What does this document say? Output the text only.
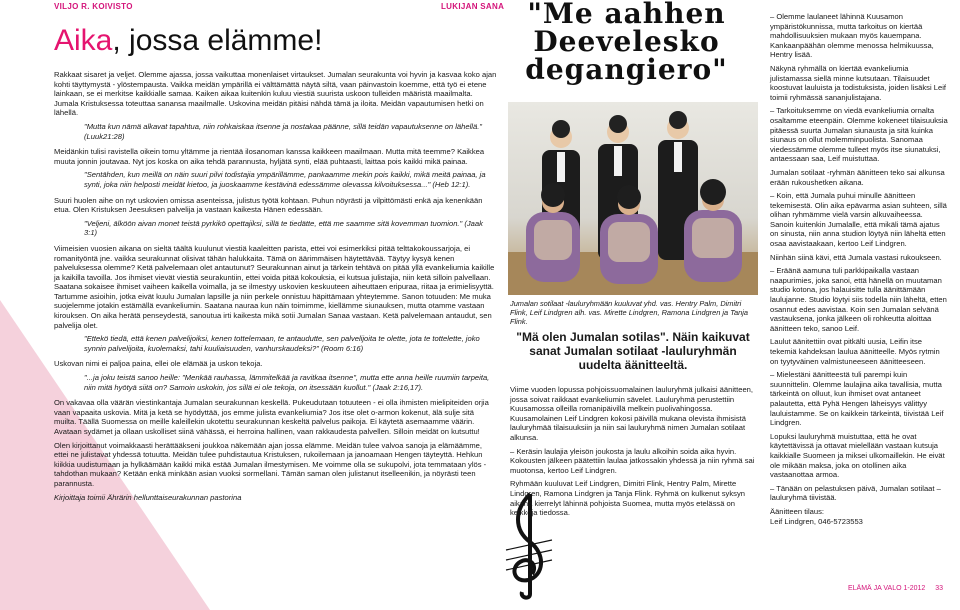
VILJO R. KOIVISTO	LUKIJAN SANA
Aika, jossa elämme!

Rakkaat sisaret ja veljet. Olemme ajassa, jossa vaikuttaa monenlaiset virtaukset. Jumalan seurakunta voi hyvin ja kasvaa koko ajan kohti täyttymystä - ylöstempausta. Vaikka meidän ympärillä ei välttämättä näytä siltä, vaan päinvastoin koemme, että työ ei etene lainkaan, se ei merkitse kaikkialle samaa. Kaiken aikaa kuitenkin kuluu viestiä suurista uskoon tulleiden määristä maailmalta. Jumala Kristuksessa toteuttaa sanansa maailmalle. Uskovina meidän pitäisi nähdä tämä ja iloita. Meidän vapautumisen hetki on lähellä.

"Mutta kun nämä alkavat tapahtua, niin rohkaiskaa itsenne ja nostakaa päänne, sillä teidän vapautuksenne on lähellä." (Luuk21:28)

Meidänkin tulisi ravistella oikein tomu yltämme ja rientää ilosanoman kanssa kaikkeen maailmaan. Mutta mitä teemme? Kaikkea muuta jonnin joutavaa. Nyt jos koska on aika tehdä parannusta, hyljätä synti, elää puhtaasti, laittaa pois kaikki mikä painaa.

"Sentähden, kun meillä on näin suuri pilvi todistajia ympärillämme, pankaamme mekin pois kaikki, mikä meitä painaa, ja synti, joka niin helposti meidät kietoo, ja juoskaamme kestävinä edessämme olevassa kilvoituksessa..." (Heb 12:1).

Suuri huolen aihe on nyt uskovien omissa asenteissa, julistus työtä kohtaan. Puhun nöyrästi ja vilpittömästi enkä aja kenenkään etua. Olen Kristuksen Jeesuksen palvelija ja vastaan kaikesta Hänen edessään.

"Veljeni, älköön aivan monet teistä pyrkikö opettajiksi, sillä te tiedätte, että me saamme sitä kovemman tuomion." (Jaak 3:1)

Viimeisien vuosien aikana on sieltä täältä kuulunut viestiä kaaleitten parista, ettei voi esimerkiksi pitää telttakokoussarjoja, ei romanityöntä jne. vaikka seurakunnat olisivat tähän halukkaita. Tämä on äärimmäisen häytettävää. Täytyy kysyä kenen palveluksessa olemme? Ketä palvelemaan olet antautunut? Seurakunnan ainut ja tärkein tehtävä on pitää yllä evankeliumia kaikille ja kaikilla tavoilla. Jos ihmiset vievät viestiä seurakuntiin, ettei voida pitää kokouksia, ei kutsua julistajia, niin ketä silloin palvellaan. Saatana sokaisee ihmiset vaiheen kaikella voimalla, ja se ilmestyy uskovien keskuuteen aiheuttaen eripuraa, riitaa ja erimielisyyttä. Tartumme asioihin, jotka eivät kuulu Jumalan lapsille ja niin perkele onnistuu häpittämaan yhteytemme. Sanon totuuden: Me muka suojelemme jotakin estämällä evankeliumin. Saatana nauraa kun näin toimimme, kiellämme siunauksen, mutta otamme vastaan kirouksen. On aika herätä penseydestä, sanoutua irti kaikesta mikä sotii Jumalan Sanaa vastaan. Ketä palvelemaan antaudut, sen palvelija olet.

"Ettekö tiedä, että kenen palvelijoiksi, kenen tottelemaan, te antaudutte, sen palvelijoita te olette, jota te tottelette, joko synnin palvelijoita, kuolemaksi, tahi kuuliaisuuden, vanhurskaudeksi?" (Room 6:16)

Uskovan nimi ei paljoa paina, ellei ole elämää ja uskon tekoja.

"...ja joku teistä sanoo heille: "Menkää rauhassa, lämmitelkää ja ravitkaa itsenne", mutta ette anna heille ruumiin tarpeita, niin mitä hyötyä siitä on? Samoin uskokin, jos sillä ei ole tekoja, on itsessään kuollut." (Jaak 2:16,17).

On vakavaa olla väärän viestinkantaja Jumalan seurakunnan keskellä. Pukeudutaan totuuteen - ei olla ihmisten mielipiteiden orjia vaan vapaaita uskovia. Mitä ja ketä se hyödyttää, jos emme julista evankeliumia? Jos itse olet o-armon kokenut, älä sulje sitä muilta. Täällä Suomessa on meille kaleillekin ukotettu seurakunnan keskeltä palvelus paikoja. Ei käytetä asemaamme väärin. Avataan sydämet ja ollaan uskolliset siinä vähässä, ei herroina hallinen, vaan rakkaudesta palvellen. Silloin meidät on kutsuttu!

Olen kirjoittanut voimakkaasti herättääkseni joukkoa näkemään ajan jossa elämme. Meidän tulee valvoa sanoja ja elämäämme, ettei ne julistavat yhdessä totuutta. Meidän tulee puhdistautua Kristuksen, rukoilemaan ja janoamaan Hengen täyteyttä. Hehkun kiikkia uudistumaan ja hylkäämään kaikki mikä estää Jumalan ilmestymisen. Me voimme olla se sukupolvi, jota temmataan ylös - tahdothan mukaan? Ketään enkä minkään asian vuoksi sormellani. Tämän saman olen julistanut itselleenikin, ja nöyrästi teen parannusta.

Kirjoittaja toimii Ährärin hellunttaiseurakunnan pastorina

"Me aahhen
Deevelesko
degangiero"
Jumalan sotilaat -lauluryhmään kuuluvat yhd. vas. Hentry Palm, Dimitri Flink, Leif Lindgren alh. vas. Mirette Lindgren, Ramona Lindgren ja Tanja Flink.
"Mä olen Jumalan sotilas". Näin kaikuvat sanat Jumalan sotilaat -lauluryhmän uudelta äänitteeltä.

Viime vuoden lopussa pohjoissuomalainen lauluryhmä julkaisi äänitteen, jossa soivat raikkaat evankeliumin sävelet. Lauluryhmä perustettiin Kuusamossa olleilla romanipäivillä melkein puolivahingossa. Kuusamolainen Leif Lindgren kokosi päivillä mukana olevista ihmisistä lauluryhmää tilaisuuksiin ja niin sai lauluryhmä nimen Jumalan sotilaat alkunsa.

– Keräsin laulajia yleisön joukosta ja laulu alkoihin soida aika hyvin. Kokousten jälkeen päätettiin laulaa jatkossakin yhdessä ja niin ryhmä sai muotonsa, kertoo Leif Lindgren.

Ryhmään kuuluvat Leif Lindgren, Dimitri Flink, Hentry Palm, Mirette Lindgren, Ramona Lindgren ja Tanja Flink. Ryhmä on kulkenut syksyn aikana kierrelyt lähinnä pohjoista Suomea, mutta myös etelässä on keikkoja tiedossa.

– Olemme laulaneet lähinnä Kuusamon ympäristökunnissa, mutta tarkoitus on kiertää mahdollisuuksien mukaan myös kauempana. Kankaanpäähän olemme menossa helmikuussa, Hentry lisää.

Näkynä ryhmällä on kiertää evankeliumia julistamassa siellä minne kutsutaan. Tilaisuudet koostuvat lauluista ja todistuksista, joiden lisäksi Leif toimii ryhmässä sananjulistajana.

– Tarkoituksemme on viedä evankeliumia ornalta osaltamme eteenpäin. Olemme kokeneet tilaisuuksia pitäessä suurta Jumalan siunausta ja sitä kuinka siunaus on ollut molemminpuolista. Sanomaa viedessämme olemme tulleet myös itse siunatuksi, antaessaan saa, Leif muistuttaa.

Jumalan sotilaat -ryhmän äänitteen teko sai alkunsa erään rukoushetken aikana.

– Koin, että Jumala puhui minulle äänitteen tekemisestä. Olin aika epävarma asian suhteen, sillä olihan ryhmämme vielä varsin alkuvaiheessa. Sanoin kuitenkin Jumalalle, että mikäli tämä ajatus on sinusta, niin anna studion löytyä niin läheltä etten osaa aavistaakaan, kertoo Leif Lindgren.

Niinhän siinä kävi, että Jumala vastasi rukoukseen.

– Eräänä aamuna tuli parkkipaikalla vastaan naapurimies, joka sanoi, että hänellä on muutaman studio kotona, jos halauisitte tulla äänittämään laulujanne. Studio löytyi siis todella niin läheltä, etten osannut edes aavistaa. Koin sen Jumalan selvänä vastauksena, jonka jälkeen oli rohkeutta aloittaa äänitteen teko, sanoo Leif.

Laulut äänitettiin ovat pitkälti uusia, Leifin itse tekemiä kahdeksan laulua äänitteelle. Myös rytmin on tyytyväinen valmistuneeseen äänitteeseen.

– Mielestäni äänitteestä tuli parempi kuin suunnittelin. Olemme laulajina aika tavallisia, mutta tärkeintä on olluut, kun ihmiset ovat antaneet palautetta, että Pyhä Hengen läheisyys välittyy lauluistamme. Se on kaikkein tärkeintä, tiivistää Leif Lindgren.

Lopuksi lauluryhmä muistuttaa, että he ovat käytettävissä ja ottavat mielellään vastaan kutsuja kaikkialle Suomeen ja miksei ulkomaillekin. He eivät ole mikään maksa, joka on otollinen aika vastaanottaa armoa.

– Tänään on pelastuksen päivä, Jumalan sotilaat –lauluryhmä tiivistää.

Äänitteen tilaus:

Leif Lindgren, 046-5723553

ELÄMÄ JA VALO 1-2012 33
